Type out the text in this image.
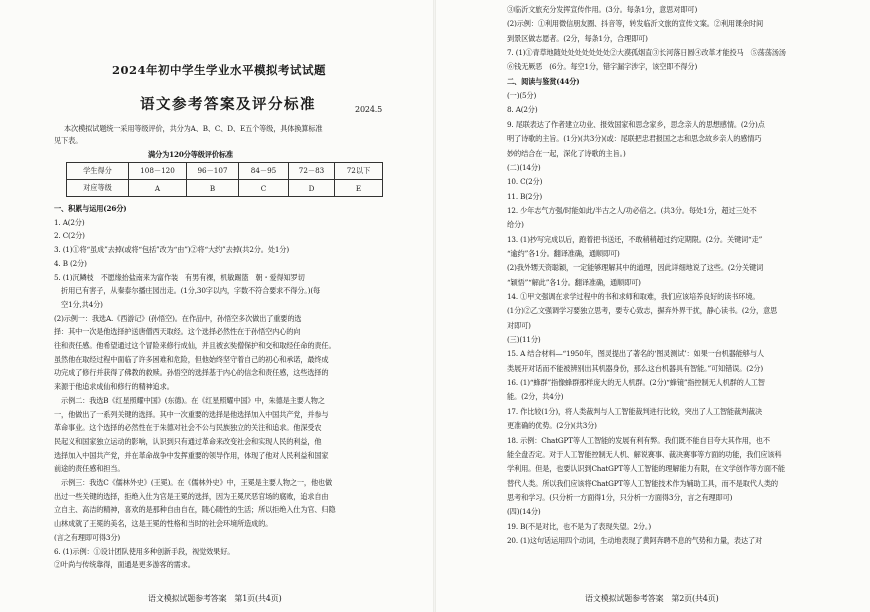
2024年初中学生学业水平模拟考试试题
语文参考答案及评分标准	2024.5
本次模拟试题统一采用等级评价，共分为A、B、C、D、E五个等级，具体换算标准
见下表。
满分为120分等级评价标准
学生得分	108－120	96－107	84－95	72－83	72以下
对应等级	A	B	C	D	E
一、积累与运用(26分)
1. A(2分)
2. C(2分)
3. (1)①将“虽成”去掉(或将“包括”改为“由”)②将“大约”去掉(共2分。处1分)
4. B (2分)
5. (1)沉鳞枝　不愿缘抬盐南来为富作装　有男有裸，机敏踢篮　朝・爱得知罗切
　折用已有害子，从秦泰尔播庄园出走。(1分,30字以内，字数不符合要求不得分。)(每
　空1分,共4分)
(2)示例一：我选A.《西游记》(孙悟空)。在作品中，孙悟空多次做出了重要的选
择：其中一次是他选择护送唐僧西天取经。这个选择必然性在于孙悟空内心的向
往和责任感。他希望通过这个冒险来修行成仙，并且被玄奘僧保护和交和取经任命的责任。
虽然他在取经过程中面临了许多困难和危险，但他始终坚守着自己的初心和承诺，最终成
功完成了修行并获得了佛教的救赎。孙悟空的选择基于内心的信念和责任感，这些选择的
来源于他追求成仙和修行的精神追求。
　示例二：我选B《红星照耀中国》(东德)。在《红星照耀中国》中，朱德是主要人物之
一，他做出了一系列关键的选择。其中一次重要的选择是他选择加入中国共产党，并参与
革命事业。这个选择的必然性在于朱德对社会不公与民族独立的关注和追求。他深受农
民起义和国家独立运动的影响，认识到只有通过革命来改变社会和实现人民的利益，他
选择加入中国共产党，并在革命战争中发挥重要的领导作用，体现了他对人民利益和国家
前途的责任感和担当。
　示例三：我选C《儒林外史》(王冕)。在《儒林外史》中，王冕是主要人物之一，他也做
出过一些关键的选择，拒绝入仕为官是王冕的选择，因为王冕厌恶官场的腐败，追求自由
立自主、高洁的精神，喜欢的是那种自由自在，随心随性的生活；所以拒绝入仕为官、归隐
山林成就了王冕的美名，这是王冕的性格和当时的社会环境所造成的。
(言之有理即可得3分)
6. (1)示例：①设计团队使用多种创新手段，视觉效果好。
②叶尚与传统靠得，面通是更多游客的需求。
语文模拟试题参考答案　第1页(共4页)
③临沂文旅充分发挥宣传作用。(3分。每条1分，意思对即可)
(2)示例：①利用微信朋友圈、抖音等，转发临沂文旅的宣传文案。②利用课余时间
到景区做志愿者。(2分，每条1分，合理即可)
7. (1)①青草地随处处处处处处处②大漠孤烟直③长河落日圆④改革才能投马　⑤荡荡汤汤
⑥钱无厥恶　(6分。每空1分，错字漏字涉字，该空即不得分)
二、阅读与鉴赏(44分)
(一)(5分)
8. A(2分)
9. 尾联表达了作者建立功业、报效国家和思念家乡，思念亲人的思想感情。(2分)点
明了诗歌的主旨。(1分)(共3分)(或：尾联把忠君报国之志和思念故乡亲人的感情巧
妙的结合在一起，深化了诗歌的主旨。)
(二)(14分)
10. C(2分)
11. B(2分)
12. 少年志气方强/时能如此/半古之人/功必倍之。(共3分。每处1分，超过三处不
给分)
13. (1)抄写完成以后，跑着把书送还，不敢稍稍超过约定期限。(2分。关键词“走”
“逾约”各1分。翻译准确，通顺即可)
(2)我外甥天资聪颖，一定能够理解其中的道理，因此详细地说了这些。(2分关键词
“颖悟”“解此”各1分。翻译准确，通顺即可)
14. ①甲文强调在求学过程中的书和求师和取难，我们应该培养良好的读书环境。
(1分)②乙文强调学习要独立思考，要专心致志，摒弃外界干扰，静心读书。(2分，意思
对即可)
(三)(11分)
15. A 结合材料—“1950年，图灵提出了著名的‘图灵测试’：如果一台机器能够与人
类展开对话而不能被辨别出其机器身份，那么这台机器具有智能。”可知错误。(2分)
16. (1)“蜂群”指像蜂群那样庞大的无人机群。(2分)“蜂镜”指控制无人机群的人工智
能。(2分，共4分)
17. 作比较(1分)，将人类裁判与人工智能裁判进行比较，突出了人工智能裁判裁决
更准确的优势。(2分)(共3分)
18. 示例：ChatGPT等人工智能的发展有利有弊。我们既不能自目夸大其作用，也不
能全盘否定。对于人工智能控制无人机、解说赛事、裁决赛事等方面的功能，我们应该科
学利用。但是，也要认识到ChatGPT等人工智能的理解能力有限，在文学创作等方面不能
替代人类。所以我们应该将ChatGPT等人工智能技术作为辅助工具，而不是取代人类的
思考和学习。(只分析一方面得1分，只分析一方面得3分，言之有理即可)
(四)(14分)
19. B(不是对比，也不是为了表现失望。2分。)
20. (1)这句话运用四个动词，生动地表现了黄阿奔聘不息的气势和力量，表达了对
语文模拟试题参考答案　第2页(共4页)
